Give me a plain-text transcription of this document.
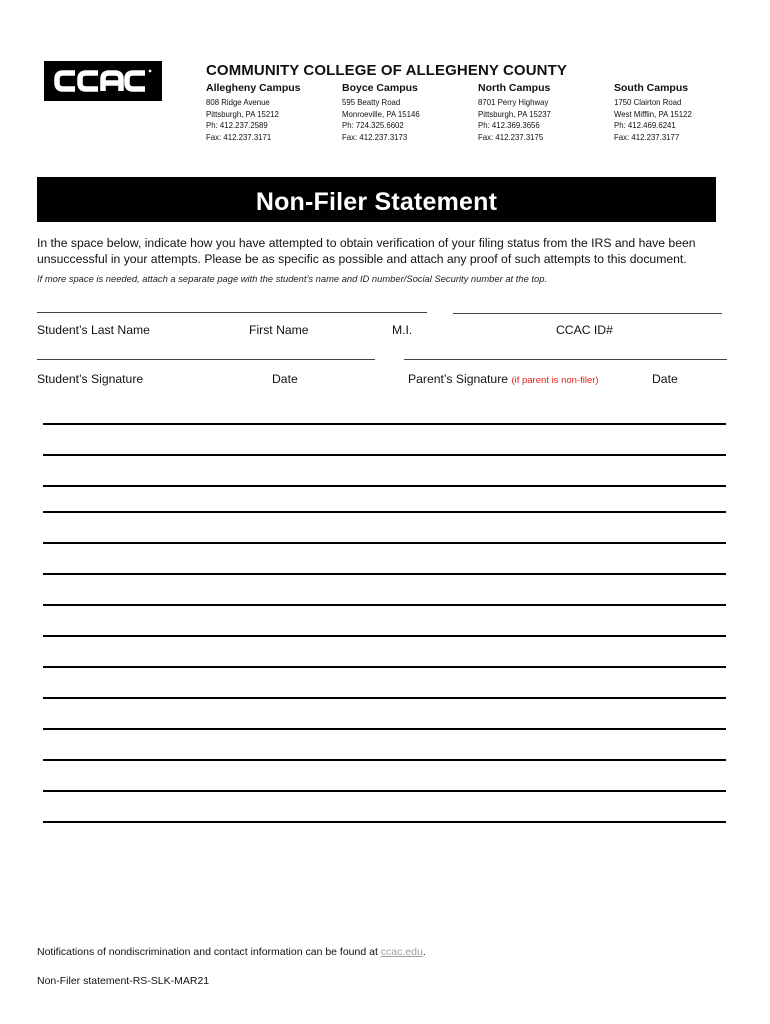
COMMUNITY COLLEGE OF ALLEGHENY COUNTY
Allegheny Campus
808 Ridge Avenue
Pittsburgh, PA 15212
Ph: 412.237.2589
Fax: 412.237.3171
Boyce Campus
595 Beatty Road
Monroeville, PA 15146
Ph: 724.325.6602
Fax: 412.237.3173
North Campus
8701 Perry Highway
Pittsburgh, PA 15237
Ph: 412.369.3656
Fax: 412.237.3175
South Campus
1750 Clairton Road
West Mifflin, PA 15122
Ph: 412.469.6241
Fax: 412.237.3177
Non-Filer Statement
In the space below, indicate how you have attempted to obtain verification of your filing status from the IRS and have been unsuccessful in your attempts. Please be as specific as possible and attach any proof of such attempts to this document.
If more space is needed, attach a separate page with the student’s name and ID number/Social Security number at the top.
Student’s Last Name	First Name	M.I.	CCAC ID#
Student’s Signature	Date	Parent’s Signature (if parent is non-filer)	Date
Notifications of nondiscrimination and contact information can be found at ccac.edu.
Non-Filer statement-RS-SLK-MAR21
